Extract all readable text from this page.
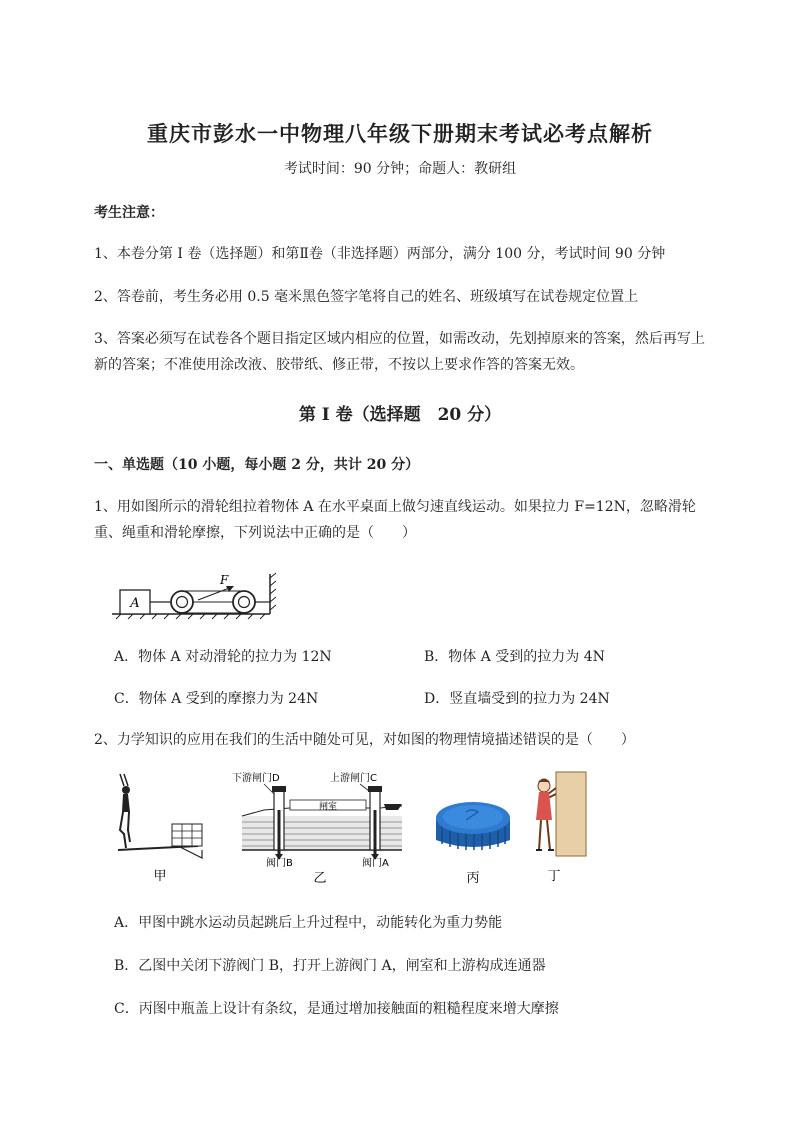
重庆市彭水一中物理八年级下册期末考试必考点解析
考试时间：90 分钟；命题人：教研组
考生注意：
1、本卷分第 I 卷（选择题）和第Ⅱ卷（非选择题）两部分，满分 100 分，考试时间 90 分钟
2、答卷前，考生务必用 0.5 毫米黑色签字笔将自己的姓名、班级填写在试卷规定位置上
3、答案必须写在试卷各个题目指定区域内相应的位置，如需改动，先划掉原来的答案，然后再写上新的答案；不准使用涂改液、胶带纸、修正带，不按以上要求作答的答案无效。
第 I 卷（选择题　20 分）
一、单选题（10 小题，每小题 2 分，共计 20 分）
1、用如图所示的滑轮组拉着物体 A 在水平桌面上做匀速直线运动。如果拉力 F=12N，忽略滑轮重、绳重和滑轮摩擦，下列说法中正确的是（　　）
A
F
A．物体 A 对动滑轮的拉力为 12N	B．物体 A 受到的拉力为 4N
C．物体 A 受到的摩擦力为 24N	D．竖直墙受到的拉力为 24N
2、力学知识的应用在我们的生活中随处可见，对如图的物理情境描述错误的是（　　）
甲
下游闸门D	上游闸门C
闸室
阀门B	阀门A
乙	丙	丁
A．甲图中跳水运动员起跳后上升过程中，动能转化为重力势能
B．乙图中关闭下游阀门 B，打开上游阀门 A，闸室和上游构成连通器
C．丙图中瓶盖上设计有条纹，是通过增加接触面的粗糙程度来增大摩擦
